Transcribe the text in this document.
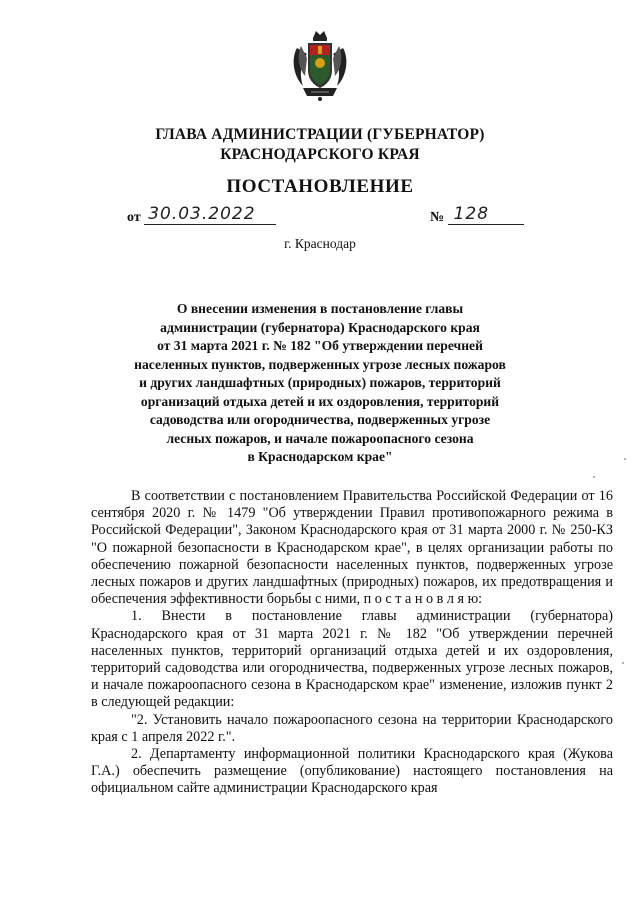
ГЛАВА АДМИНИСТРАЦИИ (ГУБЕРНАТОР)
КРАСНОДАРСКОГО КРАЯ
ПОСТАНОВЛЕНИЕ
от 30.03.2022	№ 128
г. Краснодар
О внесении изменения в постановление главы
администрации (губернатора) Краснодарского края
от 31 марта 2021 г. № 182 "Об утверждении перечней
населенных пунктов, подверженных угрозе лесных пожаров
и других ландшафтных (природных) пожаров, территорий
организаций отдыха детей и их оздоровления, территорий
садоводства или огородничества, подверженных угрозе
лесных пожаров, и начале пожароопасного сезона
в Краснодарском крае"

В соответствии с постановлением Правительства Российской Федерации от 16 сентября 2020 г. № 1479 "Об утверждении Правил противопожарного режима в Российской Федерации", Законом Краснодарского края от 31 марта 2000 г. № 250-КЗ "О пожарной безопасности в Краснодарском крае", в целях организации работы по обеспечению пожарной безопасности населенных пунктов, подверженных угрозе лесных пожаров и других ландшафтных (природных) пожаров, их предотвращения и обеспечения эффективности борьбы с ними, п о с т а н о в л я ю:

1. Внести в постановление главы администрации (губернатора) Краснодарского края от 31 марта 2021 г. № 182 "Об утверждении перечней населенных пунктов, территорий организаций отдыха детей и их оздоровления, территорий садоводства или огородничества, подверженных угрозе лесных пожаров, и начале пожароопасного сезона в Краснодарском крае" изменение, изложив пункт 2 в следующей редакции:

"2. Установить начало пожароопасного сезона на территории Краснодарского края с 1 апреля 2022 г.".

2. Департаменту информационной политики Краснодарского края (Жукова Г.А.) обеспечить размещение (опубликование) настоящего постановления на официальном сайте администрации Краснодарского края
